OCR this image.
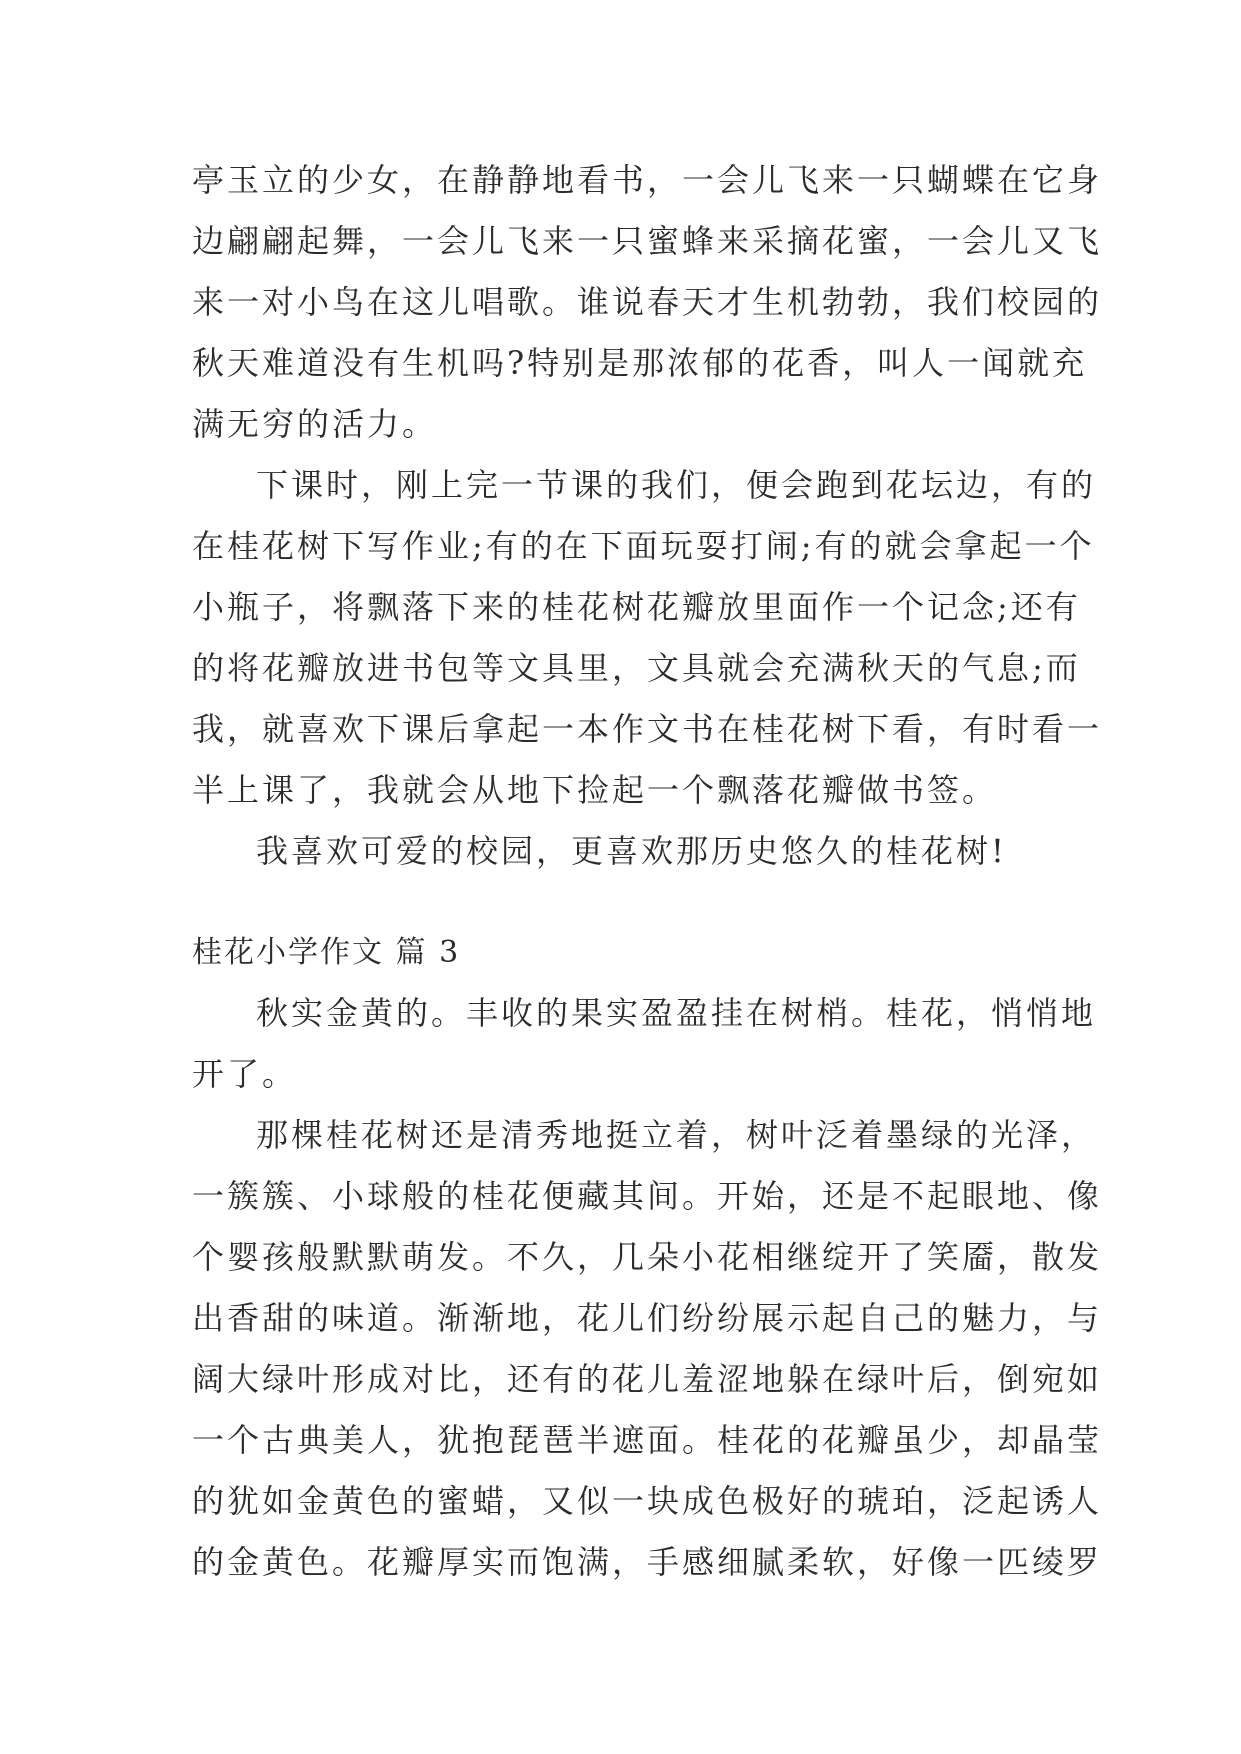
亭玉立的少女，在静静地看书，一会儿飞来一只蝴蝶在它身
边翩翩起舞，一会儿飞来一只蜜蜂来采摘花蜜，一会儿又飞
来一对小鸟在这儿唱歌。谁说春天才生机勃勃，我们校园的
秋天难道没有生机吗?特别是那浓郁的花香，叫人一闻就充
满无穷的活力。
下课时，刚上完一节课的我们，便会跑到花坛边，有的
在桂花树下写作业;有的在下面玩耍打闹;有的就会拿起一个
小瓶子，将飘落下来的桂花树花瓣放里面作一个记念;还有
的将花瓣放进书包等文具里，文具就会充满秋天的气息;而
我，就喜欢下课后拿起一本作文书在桂花树下看，有时看一
半上课了，我就会从地下捡起一个飘落花瓣做书签。
我喜欢可爱的校园，更喜欢那历史悠久的桂花树!
桂花小学作文 篇 3
秋实金黄的。丰收的果实盈盈挂在树梢。桂花，悄悄地
开了。
那棵桂花树还是清秀地挺立着，树叶泛着墨绿的光泽，
一簇簇、小球般的桂花便藏其间。开始，还是不起眼地、像
个婴孩般默默萌发。不久，几朵小花相继绽开了笑靥，散发
出香甜的味道。渐渐地，花儿们纷纷展示起自己的魅力，与
阔大绿叶形成对比，还有的花儿羞涩地躲在绿叶后，倒宛如
一个古典美人，犹抱琵琶半遮面。桂花的花瓣虽少，却晶莹
的犹如金黄色的蜜蜡，又似一块成色极好的琥珀，泛起诱人
的金黄色。花瓣厚实而饱满，手感细腻柔软，好像一匹绫罗
